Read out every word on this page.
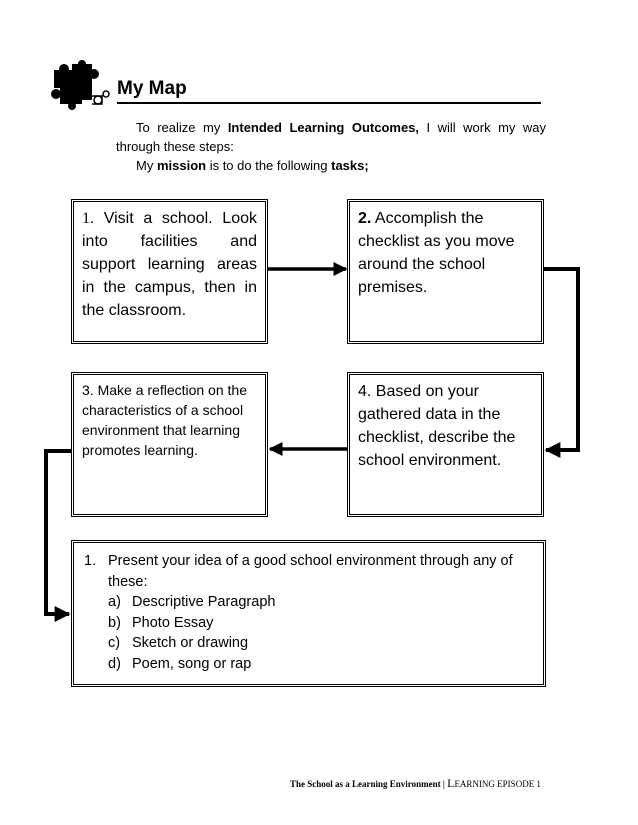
My Map

To realize my Intended Learning Outcomes, I will work my way

through these steps:

My mission is to do the following tasks;

1. Visit a school. Look into facilities and support learning areas in the campus, then in the classroom.
2. Accomplish the checklist as you move around the school premises.
3. Make a reflection on the characteristics of a school environment that learning promotes learning.
4. Based on your gathered data in the checklist, describe the school environment.
1. Present your idea of a good school environment through any of these:
a) Descriptive Paragraph
b) Photo Essay
c) Sketch or drawing
d) Poem, song or rap
The School as a Learning Environment | LEARNING EPISODE 1
